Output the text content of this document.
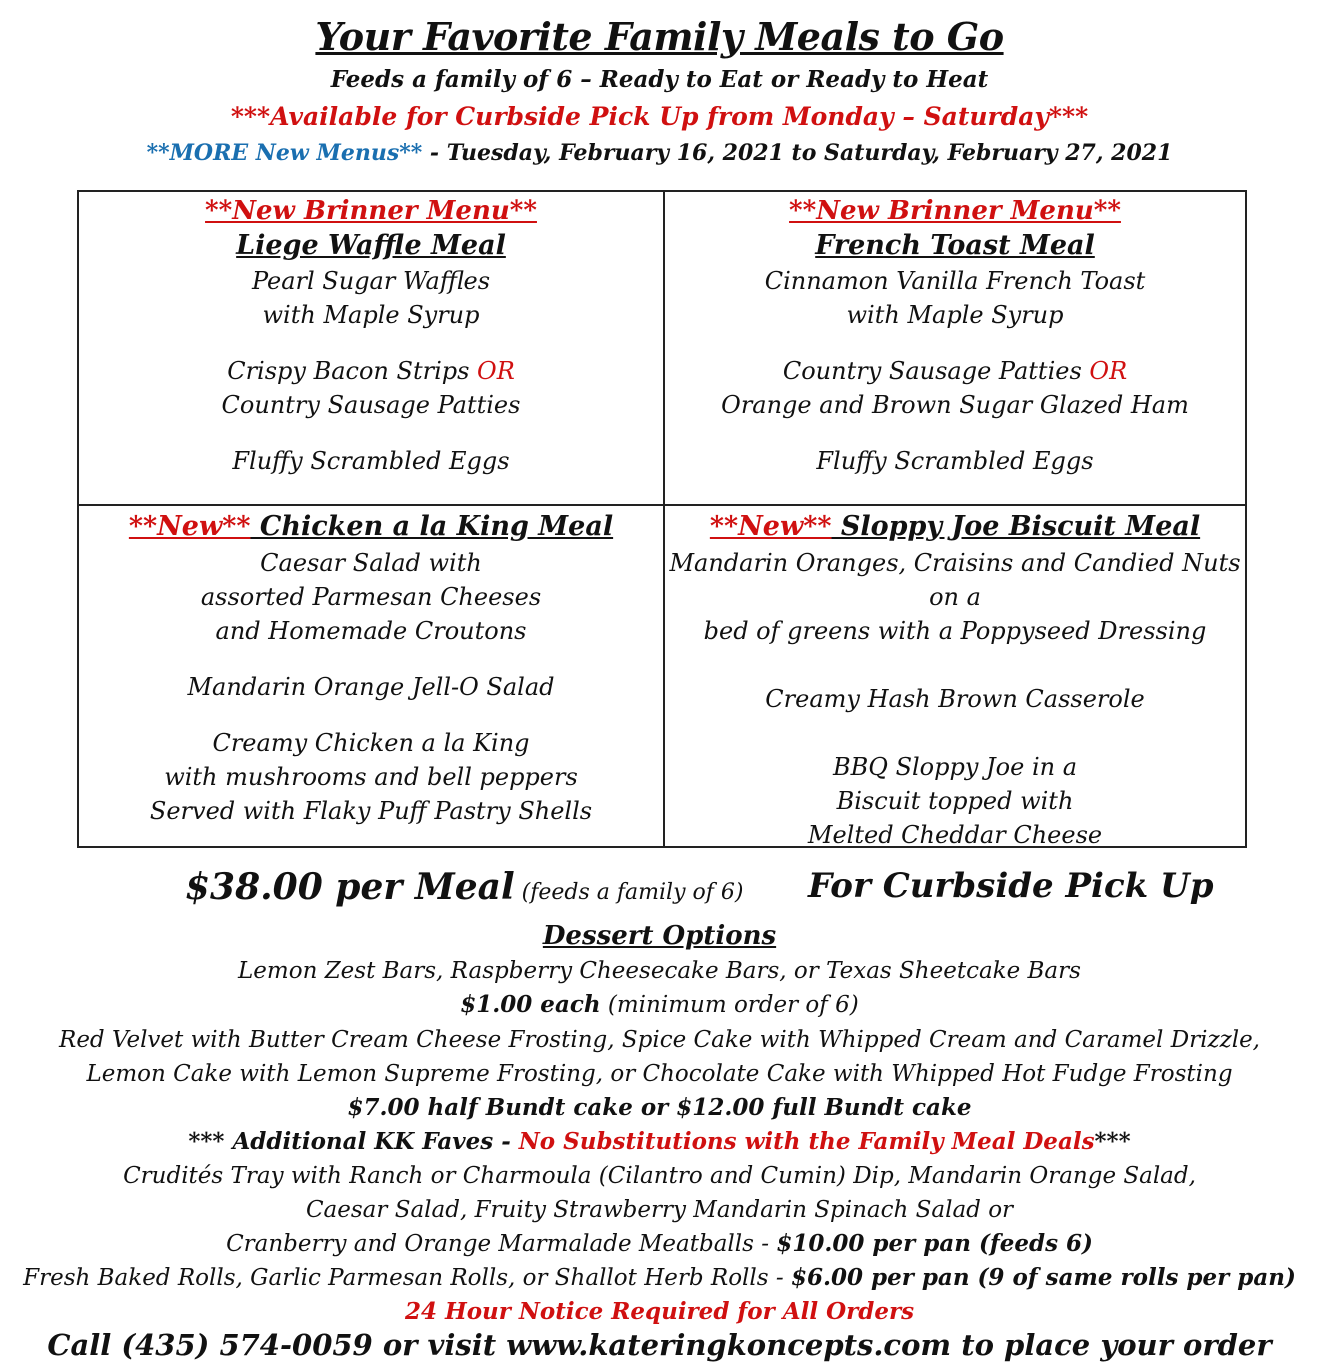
Your Favorite Family Meals to Go
Feeds a family of 6 – Ready to Eat or Ready to Heat
***Available for Curbside Pick Up from Monday – Saturday***
**MORE New Menus** - Tuesday, February 16, 2021 to Saturday, February 27, 2021
**New Brinner Menu**
Liege Waffle Meal
Pearl Sugar Waffles
with Maple Syrup
Crispy Bacon Strips OR
Country Sausage Patties
Fluffy Scrambled Eggs
**New Brinner Menu**
French Toast Meal
Cinnamon Vanilla French Toast
with Maple Syrup
Country Sausage Patties OR
Orange and Brown Sugar Glazed Ham
Fluffy Scrambled Eggs
**New** Chicken a la King Meal
Caesar Salad with
assorted Parmesan Cheeses
and Homemade Croutons
Mandarin Orange Jell-O Salad
Creamy Chicken a la King
with mushrooms and bell peppers
Served with Flaky Puff Pastry Shells
**New** Sloppy Joe Biscuit Meal
Mandarin Oranges, Craisins and Candied Nuts on a
bed of greens with a Poppyseed Dressing
Creamy Hash Brown Casserole
BBQ Sloppy Joe in a
Biscuit topped with
Melted Cheddar Cheese
$38.00 per Meal (feeds a family of 6) For Curbside Pick Up
Dessert Options
Lemon Zest Bars, Raspberry Cheesecake Bars, or Texas Sheetcake Bars
$1.00 each (minimum order of 6)
Red Velvet with Butter Cream Cheese Frosting, Spice Cake with Whipped Cream and Caramel Drizzle,
Lemon Cake with Lemon Supreme Frosting, or Chocolate Cake with Whipped Hot Fudge Frosting
$7.00 half Bundt cake or $12.00 full Bundt cake
*** Additional KK Faves - No Substitutions with the Family Meal Deals***
Crudités Tray with Ranch or Charmoula (Cilantro and Cumin) Dip, Mandarin Orange Salad,
Caesar Salad, Fruity Strawberry Mandarin Spinach Salad or
Cranberry and Orange Marmalade Meatballs - $10.00 per pan (feeds 6)
Fresh Baked Rolls, Garlic Parmesan Rolls, or Shallot Herb Rolls - $6.00 per pan (9 of same rolls per pan)
24 Hour Notice Required for All Orders
Call (435) 574-0059 or visit www.kateringkoncepts.com to place your order
